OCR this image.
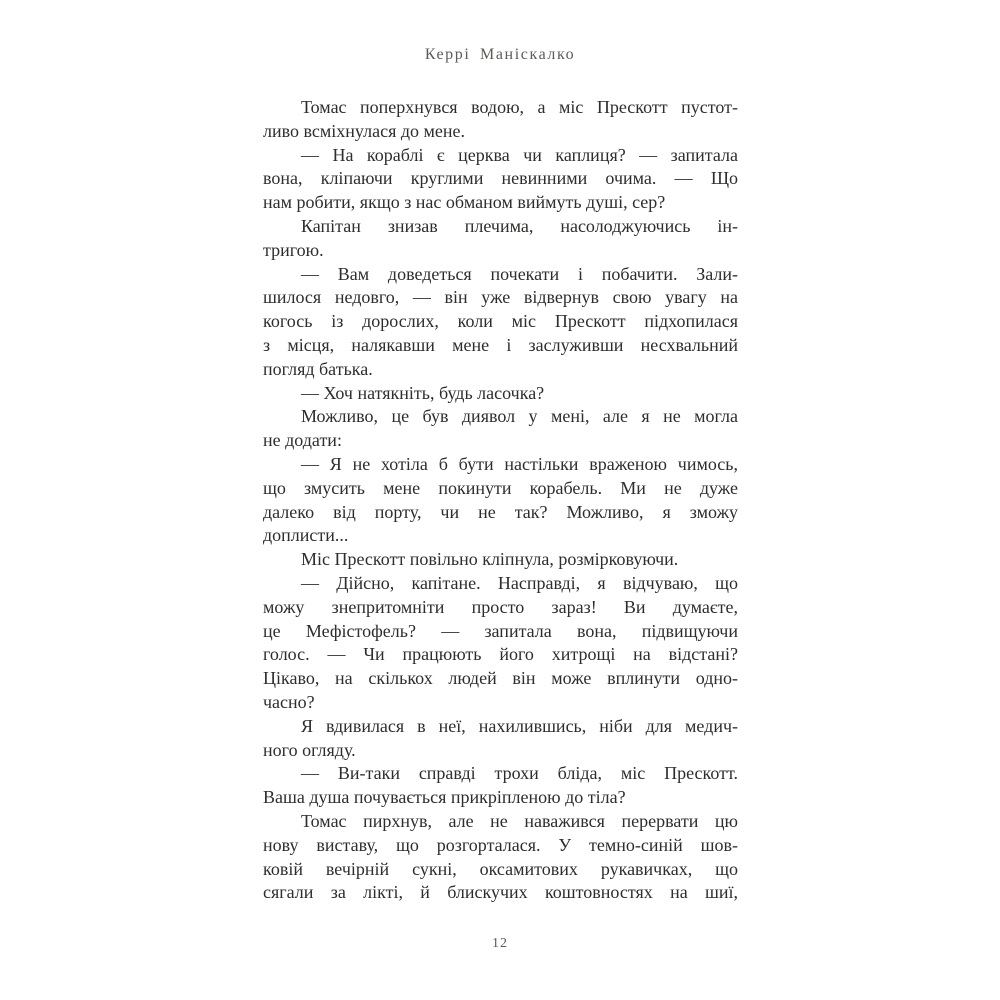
Керрі Маніскалко
Томас поперхнувся водою, а міс Прескотт пустот-
ливо всміхнулася до мене.
— На кораблі є церква чи каплиця? — запитала
вона, кліпаючи круглими невинними очима. — Що
нам робити, якщо з нас обманом виймуть душі, сер?
Капітан знизав плечима, насолоджуючись ін-
тригою.
— Вам доведеться почекати і побачити. Зали-
шилося недовго, — він уже відвернув свою увагу на
когось із дорослих, коли міс Прескотт підхопилася
з місця, налякавши мене і заслуживши несхвальний
погляд батька.
— Хоч натякніть, будь ласочка?
Можливо, це був диявол у мені, але я не могла
не додати:
— Я не хотіла б бути настільки враженою чимось,
що змусить мене покинути корабель. Ми не дуже
далеко від порту, чи не так? Можливо, я зможу
доплисти...
Міс Прескотт повільно кліпнула, розмірковуючи.
— Дійсно, капітане. Насправді, я відчуваю, що
можу знепритомніти просто зараз! Ви думаєте,
це Мефістофель? — запитала вона, підвищуючи
голос. — Чи працюють його хитрощі на відстані?
Цікаво, на скількох людей він може вплинути одно-
часно?
Я вдивилася в неї, нахилившись, ніби для медич-
ного огляду.
— Ви-таки справді трохи бліда, міс Прескотт.
Ваша душа почувається прикріпленою до тіла?
Томас пирхнув, але не наважився перервати цю
нову виставу, що розгорталася. У темно-синій шов-
ковій вечірній сукні, оксамитових рукавичках, що
сягали за лікті, й блискучих коштовностях на шиї,
12
